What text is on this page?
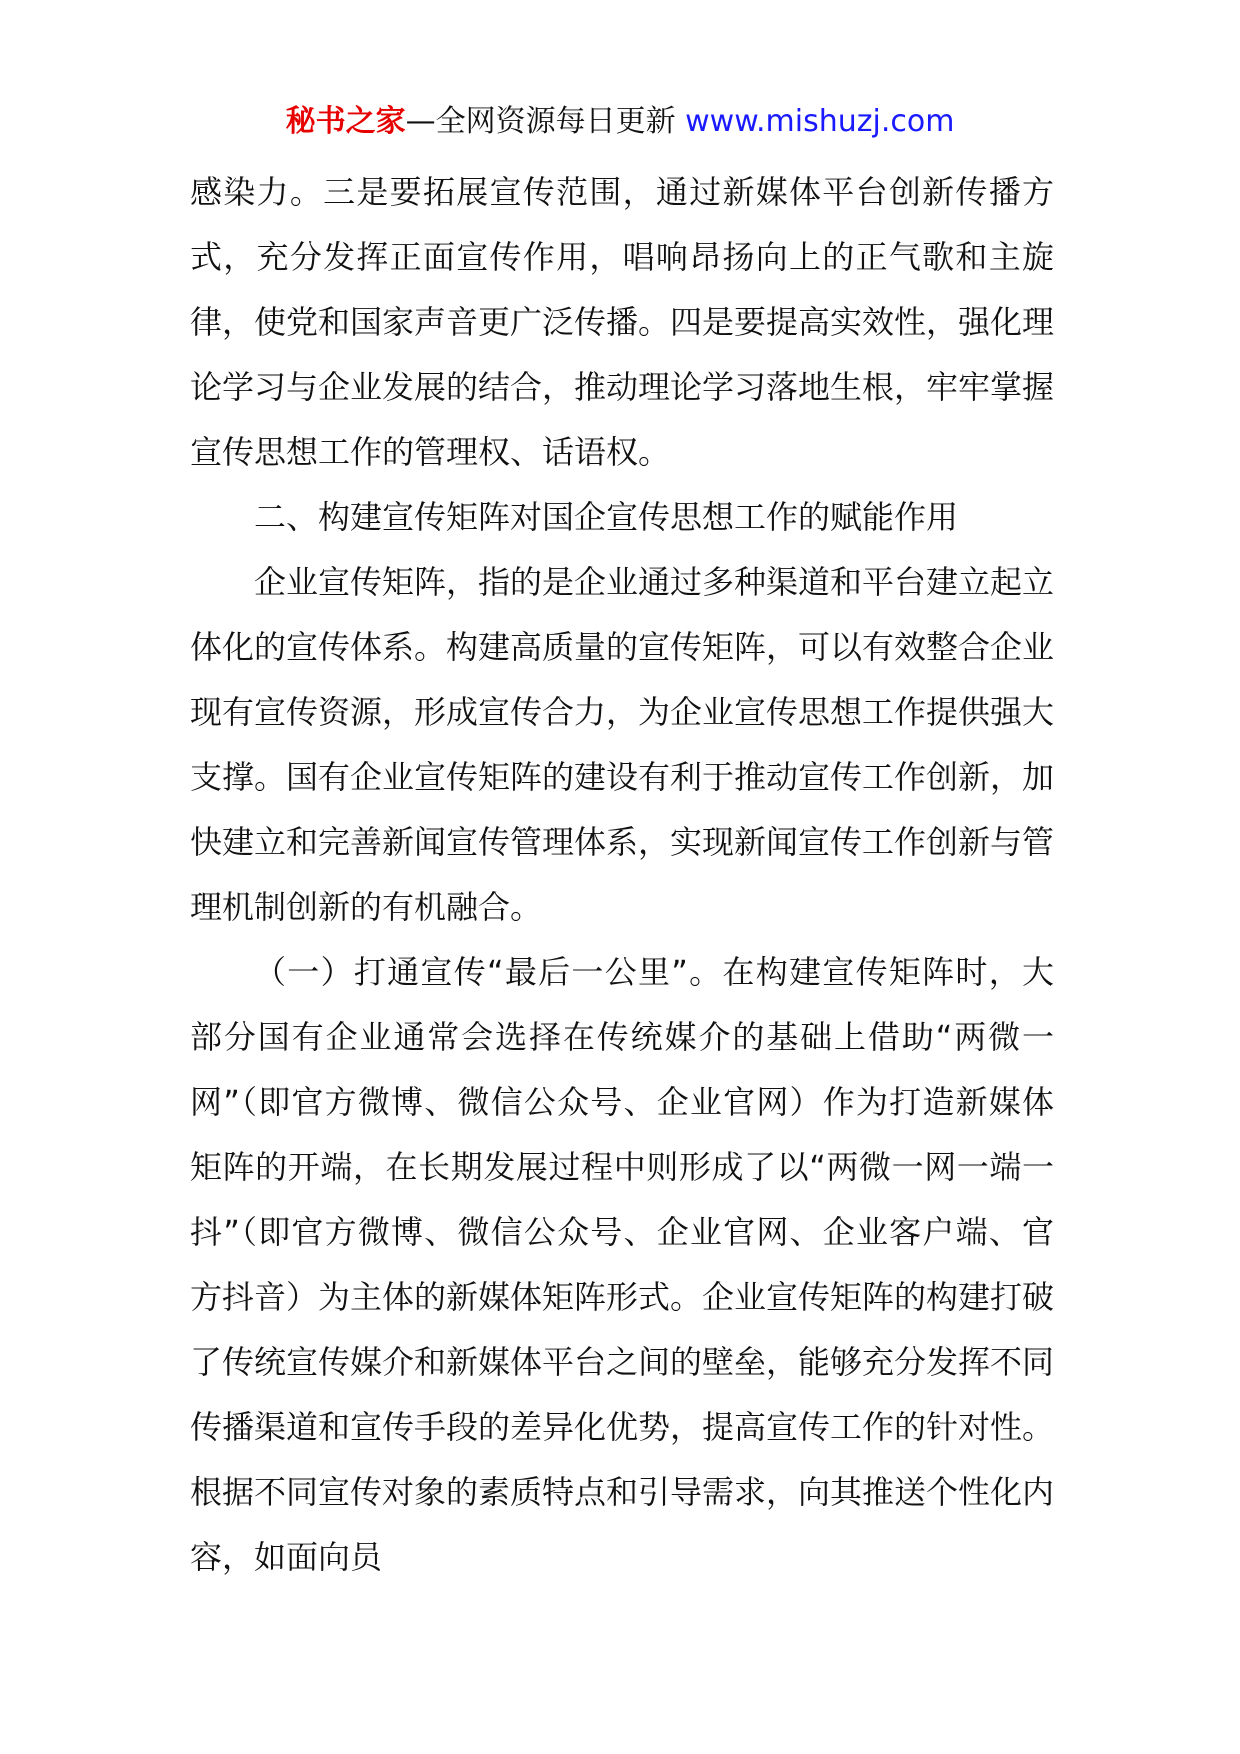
秘书之家—全网资源每日更新 www.mishuzj.com

感染力。三是要拓展宣传范围，通过新媒体平台创新传播方式，充分发挥正面宣传作用，唱响昂扬向上的正气歌和主旋律，使党和国家声音更广泛传播。四是要提高实效性，强化理论学习与企业发展的结合，推动理论学习落地生根，牢牢掌握宣传思想工作的管理权、话语权。

二、构建宣传矩阵对国企宣传思想工作的赋能作用

企业宣传矩阵，指的是企业通过多种渠道和平台建立起立体化的宣传体系。构建高质量的宣传矩阵，可以有效整合企业现有宣传资源，形成宣传合力，为企业宣传思想工作提供强大支撑。国有企业宣传矩阵的建设有利于推动宣传工作创新，加快建立和完善新闻宣传管理体系，实现新闻宣传工作创新与管理机制创新的有机融合。

（一）打通宣传“最后一公里”。在构建宣传矩阵时，大部分国有企业通常会选择在传统媒介的基础上借助“两微一网”（即官方微博、微信公众号、企业官网）作为打造新媒体矩阵的开端，在长期发展过程中则形成了以“两微一网一端一抖”（即官方微博、微信公众号、企业官网、企业客户端、官方抖音）为主体的新媒体矩阵形式。企业宣传矩阵的构建打破了传统宣传媒介和新媒体平台之间的壁垒，能够充分发挥不同传播渠道和宣传手段的差异化优势，提高宣传工作的针对性。根据不同宣传对象的素质特点和引导需求，向其推送个性化内容，如面向员
